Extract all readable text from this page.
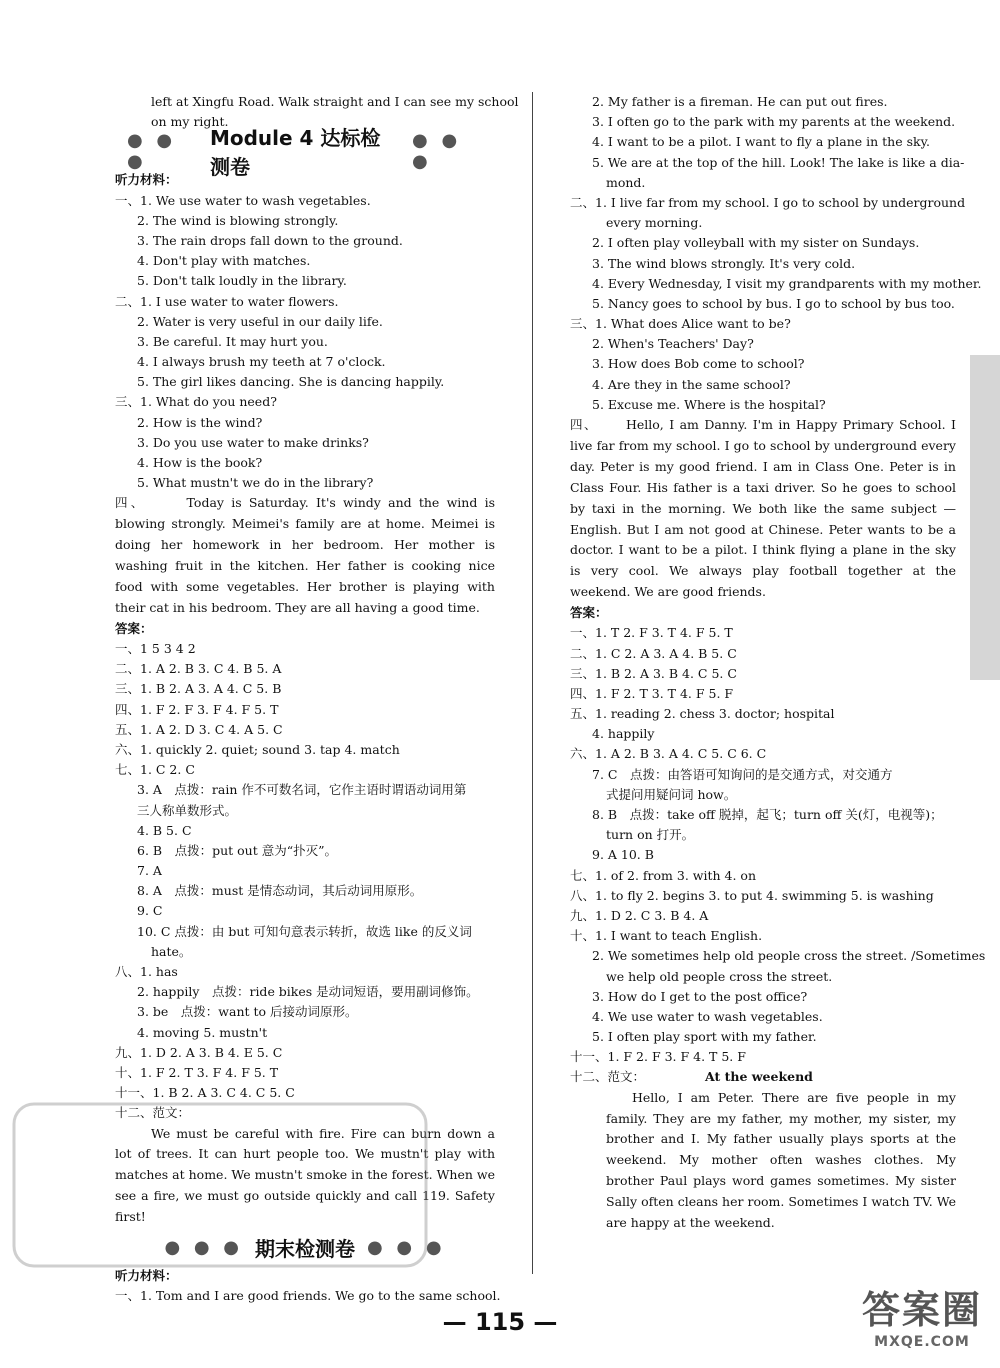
left at Xingfu Road. Walk straight and I can see my school
on my right.
● ● ●
Module 4 达标检测卷
● ● ●
听力材料：
一、1. We use water to wash vegetables.
2. The wind is blowing strongly.
3. The rain drops fall down to the ground.
4. Don't play with matches.
5. Don't talk loudly in the library.
二、1. I use water to water flowers.
2. Water is very useful in our daily life.
3. Be careful. It may hurt you.
4. I always brush my teeth at 7 o'clock.
5. The girl likes dancing. She is dancing happily.
三、1. What do you need?
2. How is the wind?
3. Do you use water to make drinks?
4. How is the book?
5. What mustn't we do in the library?
四、	Today is Saturday. It's windy and the wind is blowing strongly. Meimei's family are at home. Meimei is doing her homework in her bedroom. Her mother is washing fruit in the kitchen. Her father is cooking nice food with some vegetables. Her brother is playing with their cat in his bedroom. They are all having a good time.
答案：
一、1 5 3 4 2
二、1. A 2. B 3. C 4. B 5. A
三、1. B 2. A 3. A 4. C 5. B
四、1. F 2. F 3. F 4. F 5. T
五、1. A 2. D 3. C 4. A 5. C
六、1. quickly 2. quiet; sound 3. tap 4. match
七、1. C 2. C
3. A　点拨：rain 作不可数名词，它作主语时谓语动词用第
三人称单数形式。
4. B 5. C
6. B　点拨：put out 意为“扑灭”。
7. A
8. A　点拨：must 是情态动词，其后动词用原形。
9. C
10. C 点拨：由 but 可知句意表示转折，故选 like 的反义词
hate。
八、1. has
2. happily　点拨：ride bikes 是动词短语，要用副词修饰。
3. be　点拨：want to 后接动词原形。
4. moving 5. mustn't
九、1. D 2. A 3. B 4. E 5. C
十、1. F 2. T 3. F 4. F 5. T
十一、1. B 2. A 3. C 4. C 5. C
十二、范文：
We must be careful with fire. Fire can burn down a lot of trees. It can hurt people too. We mustn't play with matches at home. We mustn't smoke in the forest. When we see a fire, we must go outside quickly and call 119. Safety first!
● ● ● 期末检测卷 ● ● ●
听力材料：
一、1. Tom and I are good friends. We go to the same school.
2. My father is a fireman. He can put out fires.
3. I often go to the park with my parents at the weekend.
4. I want to be a pilot. I want to fly a plane in the sky.
5. We are at the top of the hill. Look! The lake is like a dia-
mond.
二、1. I live far from my school. I go to school by underground
every morning.
2. I often play volleyball with my sister on Sundays.
3. The wind blows strongly. It's very cold.
4. Every Wednesday, I visit my grandparents with my mother.
5. Nancy goes to school by bus. I go to school by bus too.
三、1. What does Alice want to be?
2. When's Teachers' Day?
3. How does Bob come to school?
4. Are they in the same school?
5. Excuse me. Where is the hospital?
四、 Hello, I am Danny. I'm in Happy Primary School. I live far from my school. I go to school by underground every day. Peter is my good friend. I am in Class One. Peter is in Class Four. His father is a taxi driver. So he goes to school by taxi in the morning. We both like the same subject —English. But I am not good at Chinese. Peter wants to be a doctor. I want to be a pilot. I think flying a plane in the sky is very cool. We always play football together at the weekend. We are good friends.
答案：
一、1. T 2. F 3. T 4. F 5. T
二、1. C 2. A 3. A 4. B 5. C
三、1. B 2. A 3. B 4. C 5. C
四、1. F 2. T 3. T 4. F 5. F
五、1. reading 2. chess 3. doctor; hospital
4. happily
六、1. A 2. B 3. A 4. C 5. C 6. C
7. C　点拨：由答语可知询问的是交通方式，对交通方
式提问用疑问词 how。
8. B　点拨：take off 脱掉，起飞；turn off 关(灯，电视等)；
turn on 打开。
9. A 10. B
七、1. of 2. from 3. with 4. on
八、1. to fly 2. begins 3. to put 4. swimming 5. is washing
九、1. D 2. C 3. B 4. A
十、1. I want to teach English.
2. We sometimes help old people cross the street. /Sometimes
we help old people cross the street.
3. How do I get to the post office?
4. We use water to wash vegetables.
5. I often play sport with my father.
十一、1. F 2. F 3. F 4. T 5. F
十二、范文：	At the weekend
Hello, I am Peter. There are five people in my family. They are my father, my mother, my sister, my brother and I. My father usually plays sports at the weekend. My mother often washes clothes. My brother Paul plays word games sometimes. My sister Sally often cleans her room. Sometimes I watch TV. We are happy at the weekend.
— 115 —	答案圈
MXQE.COM
